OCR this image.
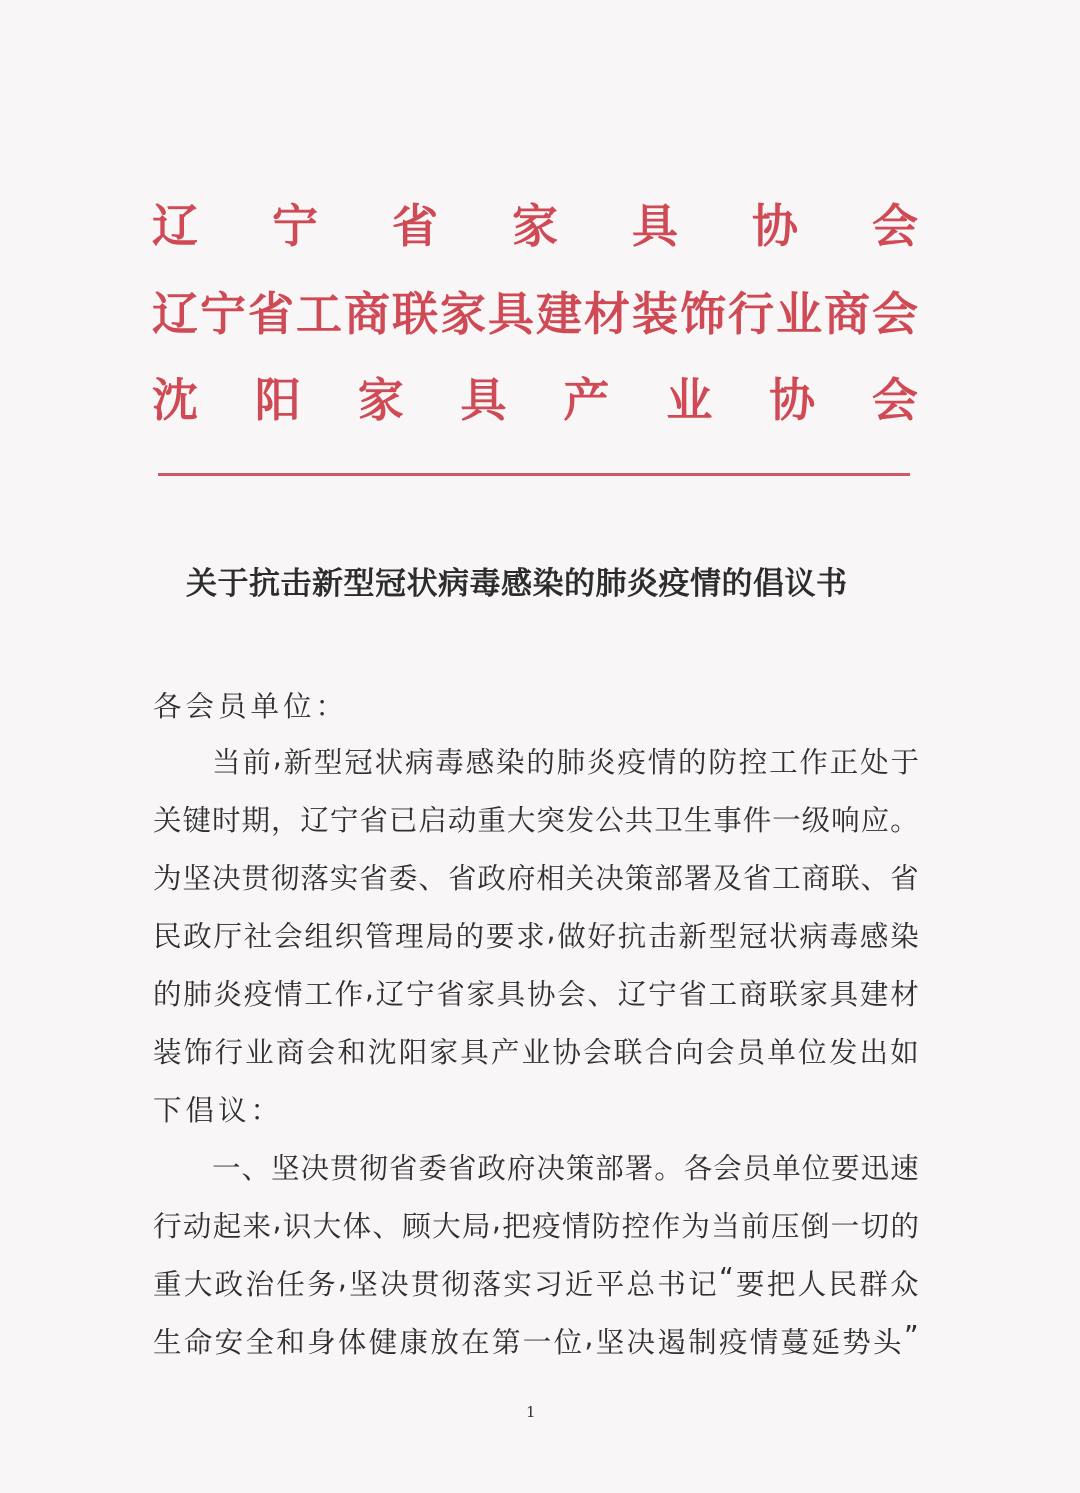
辽 宁 省 家 具 协 会
辽 宁 省 工 商 联 家 具 建 材 装 饰 行 业 商 会
沈 阳 家 具 产 业 协 会
关于抗击新型冠状病毒感染的肺炎疫情的倡议书
各会员单位：
当 前 , 新 型 冠 状 病 毒 感 染 的 肺 炎 疫 情 的 防 控 工 作 正 处 于
关 键 时 期 ， 辽 宁 省 已 启 动 重 大 突 发 公 共 卫 生 事 件 一 级 响 应 。
为 坚 决 贯 彻 落 实 省 委 、 省 政 府 相 关 决 策 部 署 及 省 工 商 联 、 省
民 政 厅 社 会 组 织 管 理 局 的 要 求 , 做 好 抗 击 新 型 冠 状 病 毒 感 染
的 肺 炎 疫 情 工 作 , 辽 宁 省 家 具 协 会 、 辽 宁 省 工 商 联 家 具 建 材
装 饰 行 业 商 会 和 沈 阳 家 具 产 业 协 会 联 合 向 会 员 单 位 发 出 如
下倡议：
一 、 坚 决 贯 彻 省 委 省 政 府 决 策 部 署 。 各 会 员 单 位 要 迅 速
行 动 起 来 , 识 大 体 、 顾 大 局 , 把 疫 情 防 控 作 为 当 前 压 倒 一 切 的
重 大 政 治 任 务 , 坚 决 贯 彻 落 实 习 近 平 总 书 记 “ 要 把 人 民 群 众
生 命 安 全 和 身 体 健 康 放 在 第 一 位 , 坚 决 遏 制 疫 情 蔓 延 势 头 ”
1
